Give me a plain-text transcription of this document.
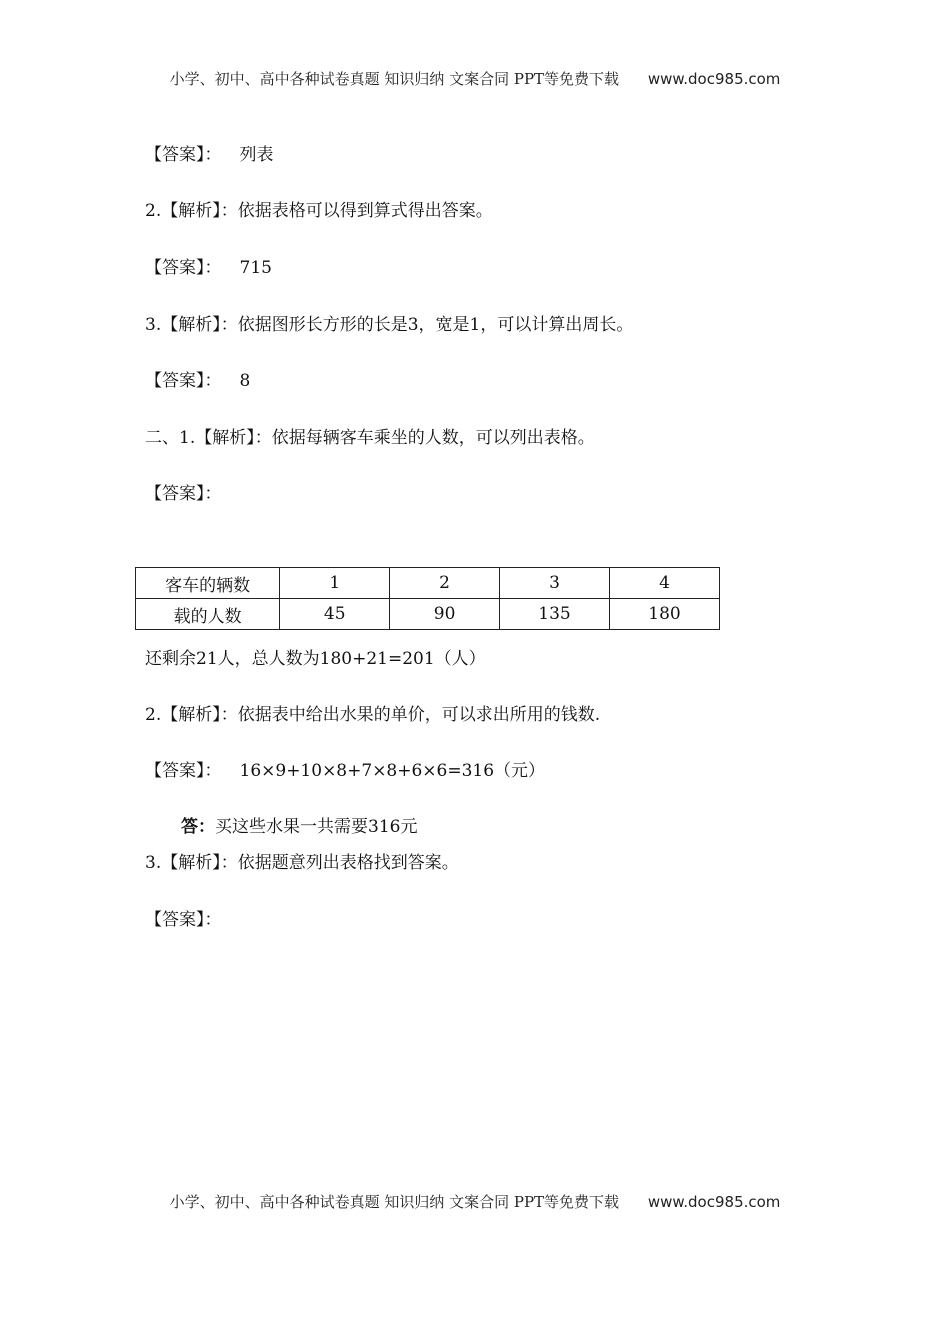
小学、初中、高中各种试卷真题 知识归纳 文案合同 PPT等免费下载 www.doc985.com
【答案】： 列表
2.【解析】：依据表格可以得到算式得出答案。
【答案】： 715
3.【解析】：依据图形长方形的长是3，宽是1，可以计算出周长。
【答案】： 8
二、1.【解析】：依据每辆客车乘坐的人数，可以列出表格。
【答案】：
客车的辆数	1	2	3	4
载的人数	45	90	135	180
还剩余21人，总人数为180+21=201（人）
2.【解析】：依据表中给出水果的单价，可以求出所用的钱数.
【答案】： 16×9+10×8+7×8+6×6=316（元）
答：买这些水果一共需要316元
3.【解析】：依据题意列出表格找到答案。
【答案】：
小学、初中、高中各种试卷真题 知识归纳 文案合同 PPT等免费下载 www.doc985.com
